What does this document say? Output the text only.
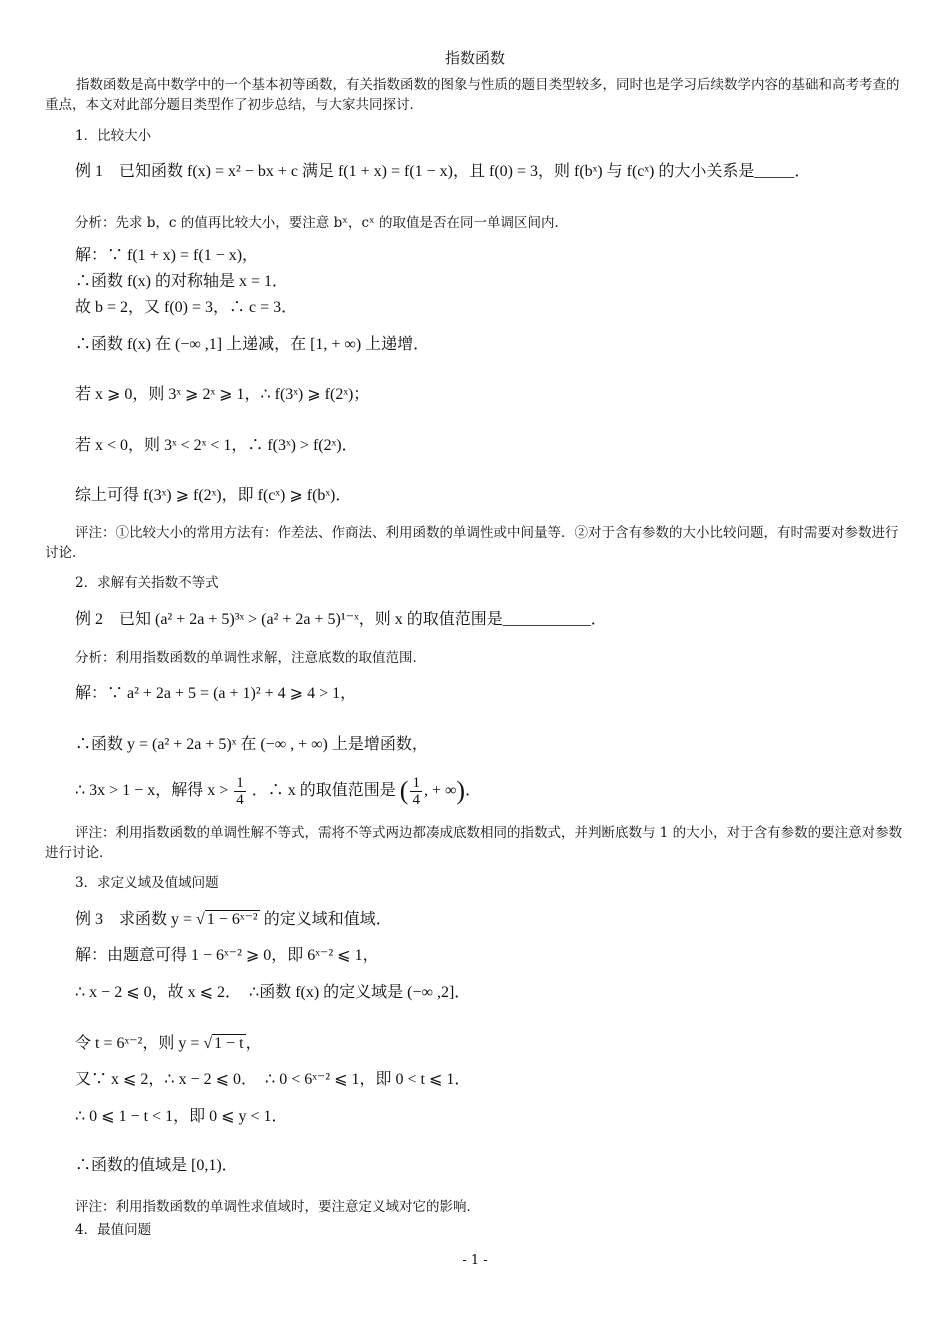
指数函数
指数函数是高中数学中的一个基本初等函数，有关指数函数的图象与性质的题目类型较多，同时也是学习后续数学内容的基础和高考考查的重点，本文对此部分题目类型作了初步总结，与大家共同探讨．
1．比较大小
例 1　已知函数 f(x) = x² − bx + c 满足 f(1 + x) = f(1 − x)，且 f(0) = 3，则 f(bˣ) 与 f(cˣ) 的大小关系是_____．
分析：先求 b，c 的值再比较大小，要注意 bˣ，cˣ 的取值是否在同一单调区间内．
解：∵ f(1 + x) = f(1 − x)，
∴函数 f(x) 的对称轴是 x = 1．
故 b = 2，又 f(0) = 3，∴ c = 3．
∴函数 f(x) 在 (−∞ ,1] 上递减，在 [1, + ∞) 上递增．
若 x ⩾ 0，则 3ˣ ⩾ 2ˣ ⩾ 1，∴ f(3ˣ) ⩾ f(2ˣ)；
若 x < 0，则 3ˣ < 2ˣ < 1，∴ f(3ˣ) > f(2ˣ)．
综上可得 f(3ˣ) ⩾ f(2ˣ)，即 f(cˣ) ⩾ f(bˣ)．
评注：①比较大小的常用方法有：作差法、作商法、利用函数的单调性或中间量等．②对于含有参数的大小比较问题，有时需要对参数进行讨论．
2．求解有关指数不等式
例 2　已知 (a² + 2a + 5)³ˣ > (a² + 2a + 5)¹⁻ˣ，则 x 的取值范围是___________．
分析：利用指数函数的单调性求解，注意底数的取值范围．
解：∵ a² + 2a + 5 = (a + 1)² + 4 ⩾ 4 > 1，
∴函数 y = (a² + 2a + 5)ˣ 在 (−∞ , + ∞) 上是增函数，
∴ 3x > 1 − x，解得 $x > \frac{1}{4}$ ．∴ x 的取值范围是 ( $\frac{1}{4}$ , + ∞)．
评注：利用指数函数的单调性解不等式，需将不等式两边都凑成底数相同的指数式，并判断底数与 1 的大小，对于含有参数的要注意对参数进行讨论．
3．求定义域及值域问题
例 3　求函数 y = √ 1 − 6ˣ⁻² 的定义域和值域．
解：由题意可得 1 − 6ˣ⁻² ⩾ 0，即 6ˣ⁻² ⩽ 1，
∴ x − 2 ⩽ 0，故 x ⩽ 2．　∴函数 f(x) 的定义域是 (−∞ ,2]．
令 t = 6ˣ⁻²，则 y = √ 1 − t ，
又∵ x ⩽ 2，∴ x − 2 ⩽ 0．　∴ 0 < 6ˣ⁻² ⩽ 1，即 0 < t ⩽ 1．
∴ 0 ⩽ 1 − t < 1，即 0 ⩽ y < 1．
∴函数的值域是 [0,1)．
评注：利用指数函数的单调性求值域时，要注意定义域对它的影响．
4．最值问题
- 1 -
